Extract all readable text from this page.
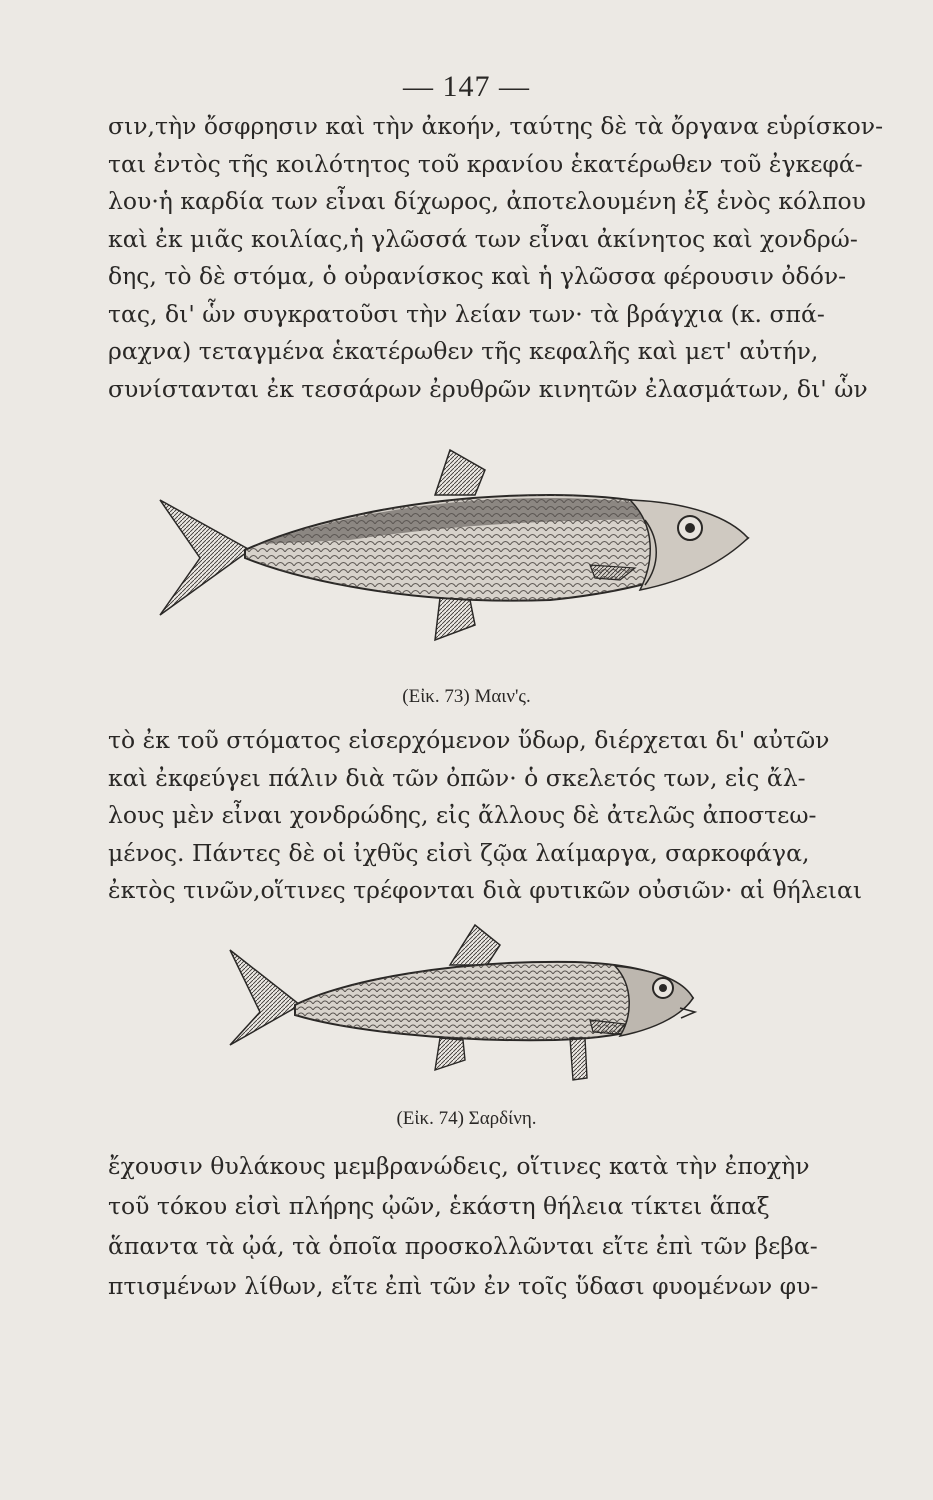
— 147 —
σιν,τὴν ὄσφρησιν καὶ τὴν ἀκοήν, ταύτης δὲ τὰ ὄργανα εὑρίσκον-
ται ἐντὸς τῆς κοιλότητος τοῦ κρανίου ἑκατέρωθεν τοῦ ἐγκεφά-
λου·ἡ καρδία των εἶναι δίχωρος, ἀποτελουμένη ἐξ ἑνὸς κόλπου
καὶ ἐκ μιᾶς κοιλίας,ἡ γλῶσσά των εἶναι ἀκίνητος καὶ χονδρώ-
δης, τὸ δὲ στόμα, ὁ οὐρανίσκος καὶ ἡ γλῶσσα φέρουσιν ὀδόν-
τας, δι' ὧν συγκρατοῦσι τὴν λείαν των· τὰ βράγχια (κ. σπά-
ραχνα) τεταγμένα ἑκατέρωθεν τῆς κεφαλῆς καὶ μετ' αὐτήν,
συνίστανται ἐκ τεσσάρων ἐρυθρῶν κινητῶν ἐλασμάτων, δι' ὧν
(Εἰκ. 73) Μαιν'ς.
τὸ ἐκ τοῦ στόματος εἰσερχόμενον ὕδωρ, διέρχεται δι' αὐτῶν
καὶ ἐκφεύγει πάλιν διὰ τῶν ὀπῶν· ὁ σκελετός των, εἰς ἄλ-
λους μὲν εἶναι χονδρώδης, εἰς ἄλλους δὲ ἀτελῶς ἀποστεω-
μένος. Πάντες δὲ οἱ ἰχθῦς εἰσὶ ζῷα λαίμαργα, σαρκοφάγα,
ἐκτὸς τινῶν,οἵτινες τρέφονται διὰ φυτικῶν οὐσιῶν· αἱ θήλειαι
(Εἰκ. 74) Σαρδίνη.
ἔχουσιν θυλάκους μεμβρανώδεις, οἵτινες κατὰ τὴν ἐποχὴν
τοῦ τόκου εἰσὶ πλήρης ᾠῶν, ἑκάστη θήλεια τίκτει ἅπαξ
ἅπαντα τὰ ᾠά, τὰ ὁποῖα προσκολλῶνται εἴτε ἐπὶ τῶν βεβα-
πτισμένων λίθων, εἴτε ἐπὶ τῶν ἐν τοῖς ὕδασι φυομένων φυ-
